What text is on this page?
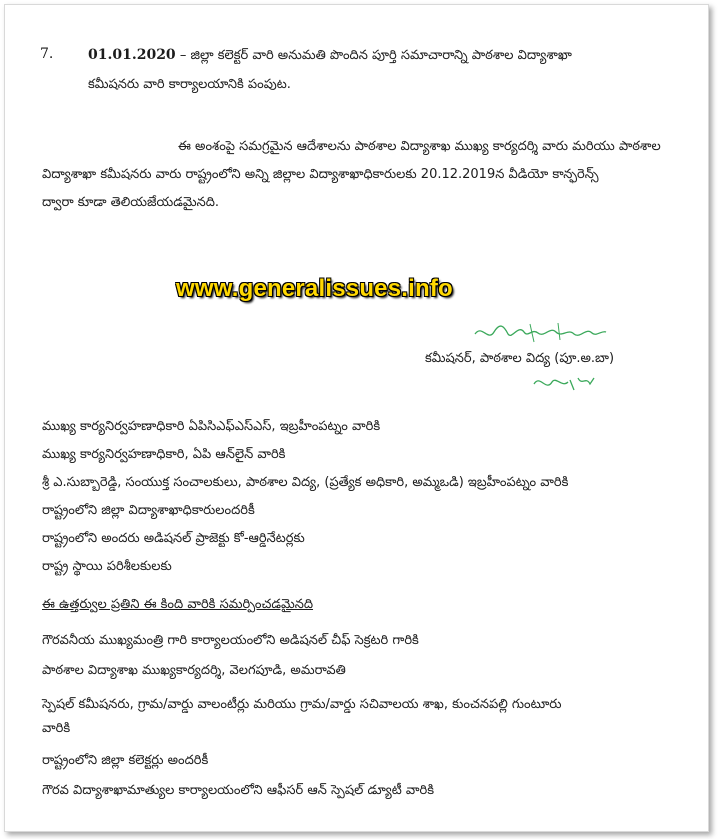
7. 01.01.2020 – జిల్లా కలెక్టర్ వారి అనుమతి పొందిన పూర్తి సమాచారాన్ని పాఠశాల విద్యాశాఖా
కమీషనరు వారి కార్యాలయానికి పంపుట.
ఈ అంశంపై సమగ్రమైన ఆదేశాలను పాఠశాల విద్యాశాఖ ముఖ్య కార్యదర్శి వారు మరియు పాఠశాల
విద్యాశాఖా కమీషనరు వారు రాష్ట్రంలోని అన్ని జిల్లాల విద్యాశాఖాధికారులకు 20.12.2019న వీడియో కాన్ఫరెన్స్
ద్వారా కూడా తెలియజేయడమైనది.
www.generalissues.info
కమీషనర్, పాఠశాల విద్య (పూ.అ.బా)
ముఖ్య కార్యనిర్వహణాధికారి ఏపిసిఎఫ్ఎస్ఎస్, ఇబ్రహీంపట్నం వారికి
ముఖ్య కార్యనిర్వహణాధికారి, ఏపి ఆన్‌లైన్ వారికి
శ్రీ ఎ.సుబ్బారెడ్డి, సంయుక్త సంచాలకులు, పాఠశాల విద్య, (ప్రత్యేక అధికారి, అమ్మఒడి) ఇబ్రహీంపట్నం వారికి
రాష్ట్రంలోని జిల్లా విద్యాశాఖాధికారులందరికీ
రాష్ట్రంలోని అందరు అడిషనల్ ప్రాజెక్టు కో-ఆర్డినేటర్లకు
రాష్ట్ర స్థాయి పరిశీలకులకు
ఈ ఉత్తర్వుల ప్రతిని ఈ కింది వారికి సమర్పించడమైనది
గౌరవనీయ ముఖ్యమంత్రి గారి కార్యాలయంలోని అడిషనల్ చీఫ్ సెక్రటరి గారికి
పాఠశాల విద్యాశాఖ ముఖ్యకార్యదర్శి, వెలగపూడి, అమరావతి
స్పెషల్ కమీషనరు, గ్రామ/వార్డు వాలంటీర్లు మరియు గ్రామ/వార్డు సచివాలయ శాఖ, కుంచనపల్లి గుంటూరు
వారికి
రాష్ట్రంలోని జిల్లా కలెక్టర్లు అందరికీ
గౌరవ విద్యాశాఖామాత్యుల కార్యాలయంలోని ఆఫీసర్ ఆన్ స్పెషల్ డ్యూటీ వారికి
